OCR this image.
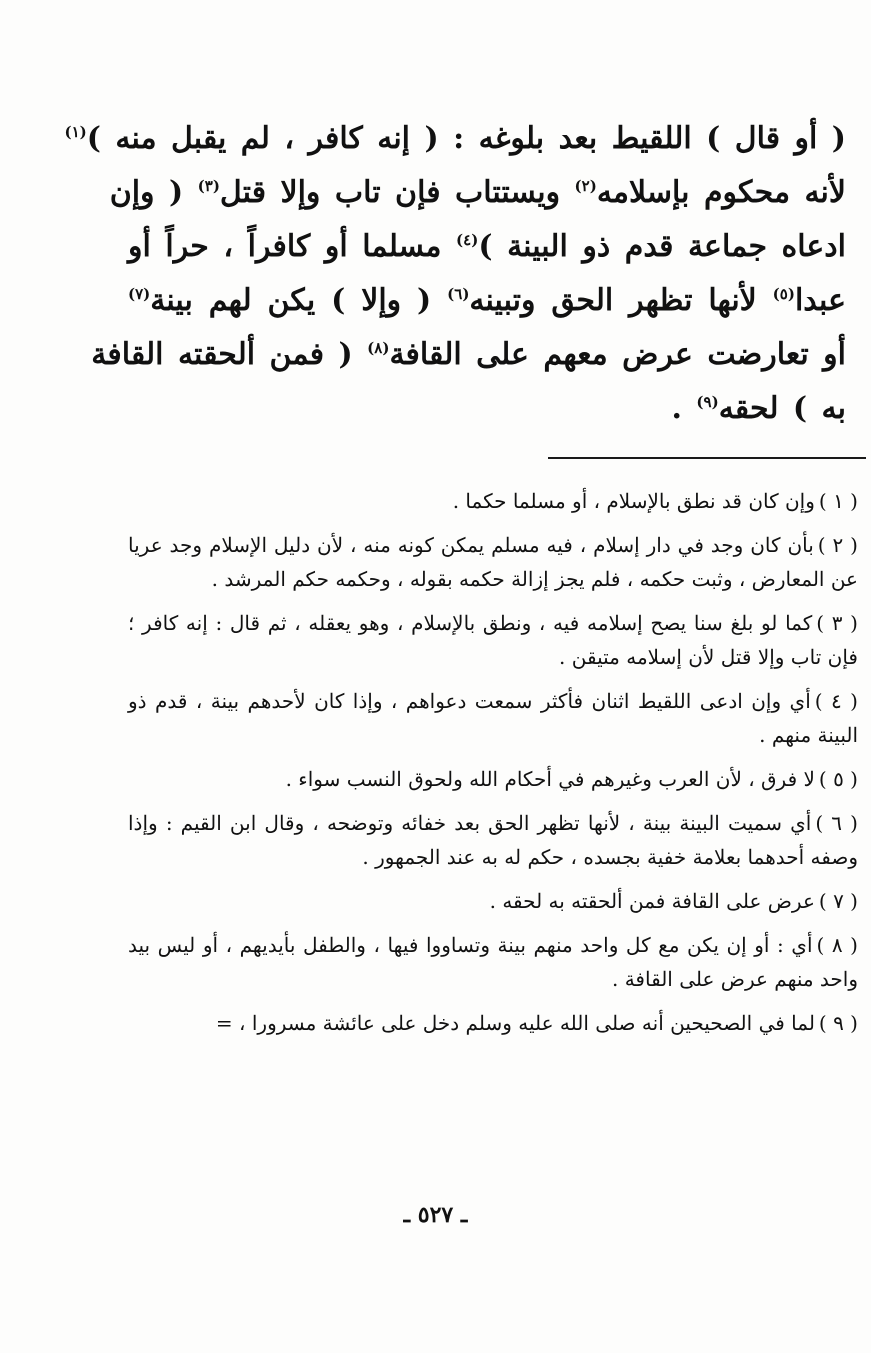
( أو قال ) اللقيط بعد بلوغه : ( إنه كافر ، لم يقبل منه )$^{(١)}$
لأنه محكوم بإسلامه$^{(٢)}$ ويستتاب فإن تاب وإلا قتل$^{(٣)}$ ( وإن
ادعاه جماعة قدم ذو البينة )$^{(٤)}$ مسلما أو كافراً ، حراً أو
عبدا$^{(٥)}$ لأنها تظهر الحق وتبينه$^{(٦)}$ ( وإلا ) يكن لهم بينة$^{(٧)}$
أو تعارضت عرض معهم على القافة$^{(٨)}$ ( فمن ألحقته القافة
به ) لحقه$^{(٩)}$ .

( ١ )وإن كان قد نطق بالإسلام ، أو مسلما حكما .

( ٢ )بأن كان وجد في دار إسلام ، فيه مسلم يمكن كونه منه ، لأن دليل الإسلام وجد عريا عن المعارض ، وثبت حكمه ، فلم يجز إزالة حكمه بقوله ، وحكمه حكم المرشد .

( ٣ )كما لو بلغ سنا يصح إسلامه فيه ، ونطق بالإسلام ، وهو يعقله ، ثم قال : إنه كافر ؛ فإن تاب وإلا قتل لأن إسلامه متيقن .

( ٤ )أي وإن ادعى اللقيط اثنان فأكثر سمعت دعواهم ، وإذا كان لأحدهم بينة ، قدم ذو البينة منهم .

( ٥ )لا فرق ، لأن العرب وغيرهم في أحكام الله ولحوق النسب سواء .

( ٦ )أي سميت البينة بينة ، لأنها تظهر الحق بعد خفائه وتوضحه ، وقال ابن القيم : وإذا وصفه أحدهما بعلامة خفية بجسده ، حكم له به عند الجمهور .

( ٧ )عرض على القافة فمن ألحقته به لحقه .

( ٨ )أي : أو إن يكن مع كل واحد منهم بينة وتساووا فيها ، والطفل بأيديهم ، أو ليس بيد واحد منهم عرض على القافة .

( ٩ )لما في الصحيحين أنه صلى الله عليه وسلم دخل على عائشة مسرورا ، =

ـ ٥٢٧ ـ
